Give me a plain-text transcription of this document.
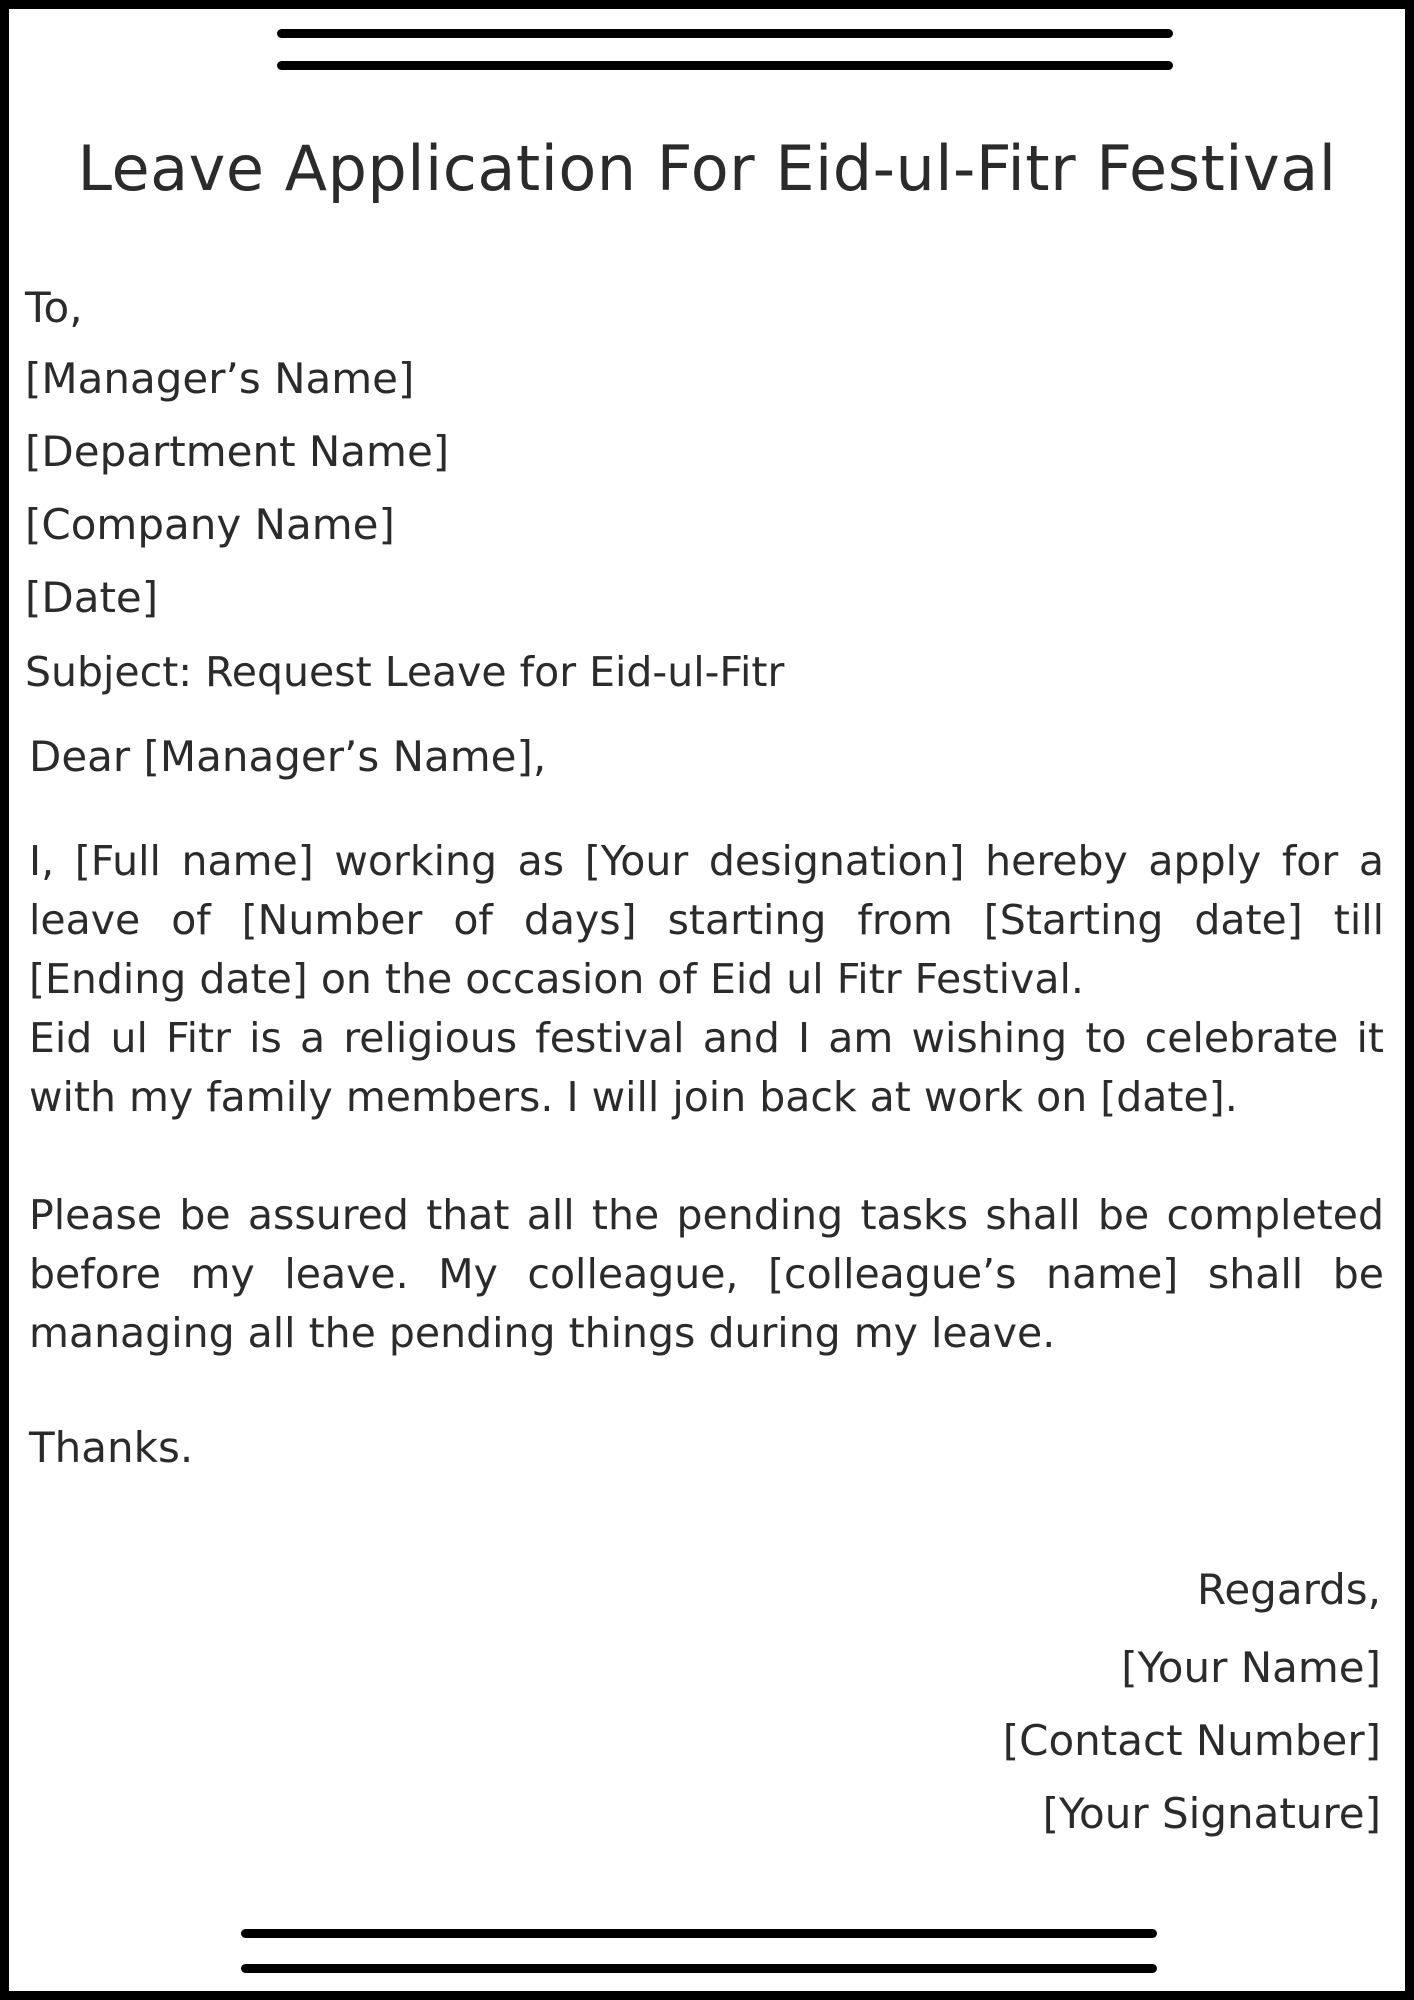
Leave Application For Eid-ul-Fitr Festival
To,
[Manager’s Name]
[Department Name]
[Company Name]
[Date]
Subject: Request Leave for Eid-ul-Fitr
Dear [Manager’s Name],

I, [Full name] working as [Your designation] hereby apply for a leave of [Number of days] starting from [Starting date] till [Ending date] on the occasion of Eid ul Fitr Festival.

Eid ul Fitr is a religious festival and I am wishing to celebrate it with my family members. I will join back at work on [date].

Please be assured that all the pending tasks shall be completed before my leave. My colleague, [colleague’s name] shall be managing all the pending things during my leave.

Thanks.
Regards,
[Your Name]
[Contact Number]
[Your Signature]
